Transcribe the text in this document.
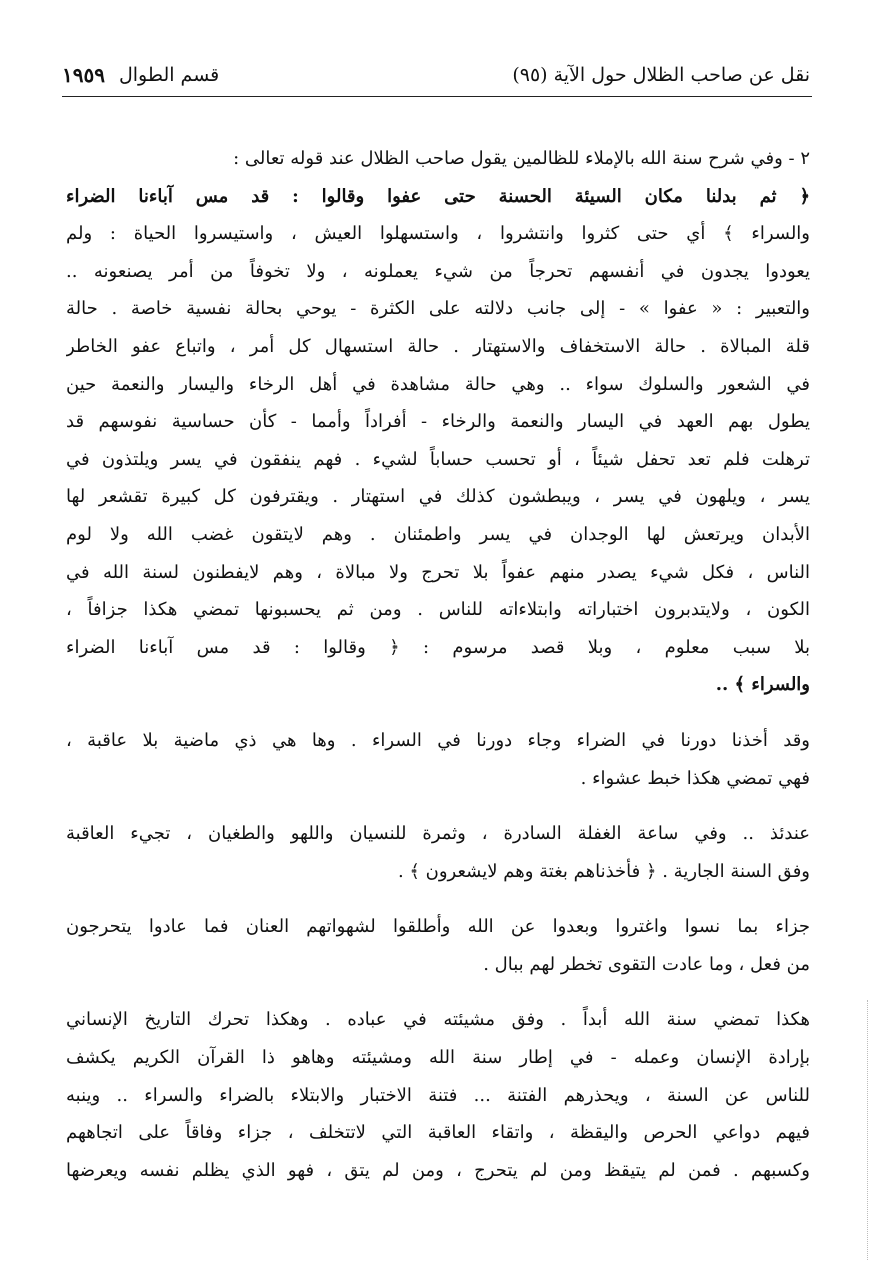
نقل عن صاحب الظلال حول الآية (٩٥)
قسم الطوال
١٩٥٩
٢ - وفي شرح سنة الله بالإملاء للظالمين يقول صاحب الظلال عند قوله تعالى :
﴿ ثم بدلنا مكان السيئة الحسنة حتى عفوا وقالوا : قد مس آباءنا الضراء
والسراء ﴾ أي حتى كثروا وانتشروا ، واستسهلوا العيش ، واستيسروا الحياة : ولم
يعودوا يجدون في أنفسهم تحرجاً من شيء يعملونه ، ولا تخوفاً من أمر يصنعونه ..
والتعبير : « عفوا » - إلى جانب دلالته على الكثرة - يوحي بحالة نفسية خاصة . حالة
قلة المبالاة . حالة الاستخفاف والاستهتار . حالة استسهال كل أمر ، واتباع عفو الخاطر
في الشعور والسلوك سواء .. وهي حالة مشاهدة في أهل الرخاء واليسار والنعمة حين
يطول بهم العهد في اليسار والنعمة والرخاء - أفراداً وأمما - كأن حساسية نفوسهم قد
ترهلت فلم تعد تحفل شيئاً ، أو تحسب حساباً لشيء . فهم ينفقون في يسر ويلتذون في
يسر ، ويلهون في يسر ، ويبطشون كذلك في استهتار . ويقترفون كل كبيرة تقشعر لها
الأبدان ويرتعش لها الوجدان في يسر واطمئنان . وهم لايتقون غضب الله ولا لوم
الناس ، فكل شيء يصدر منهم عفواً بلا تحرج ولا مبالاة ، وهم لايفطنون لسنة الله في
الكون ، ولايتدبرون اختباراته وابتلاءاته للناس . ومن ثم يحسبونها تمضي هكذا جزافاً ،
بلا سبب معلوم ، وبلا قصد مرسوم : ﴿ وقالوا : قد مس آباءنا الضراء
والسراء ﴾ ..
وقد أخذنا دورنا في الضراء وجاء دورنا في السراء . وها هي ذي ماضية بلا عاقبة ،
فهي تمضي هكذا خبط عشواء .
عندئذ .. وفي ساعة الغفلة السادرة ، وثمرة للنسيان واللهو والطغيان ، تجيء العاقبة
وفق السنة الجارية . ﴿ فأخذناهم بغتة وهم لايشعرون ﴾ .
جزاء بما نسوا واغتروا وبعدوا عن الله وأطلقوا لشهواتهم العنان فما عادوا يتحرجون
من فعل ، وما عادت التقوى تخطر لهم ببال .
هكذا تمضي سنة الله أبداً . وفق مشيئته في عباده . وهكذا تحرك التاريخ الإنساني
بإرادة الإنسان وعمله - في إطار سنة الله ومشيئته وهاهو ذا القرآن الكريم يكشف
للناس عن السنة ، ويحذرهم الفتنة ... فتنة الاختبار والابتلاء بالضراء والسراء .. وينبه
فيهم دواعي الحرص واليقظة ، واتقاء العاقبة التي لاتتخلف ، جزاء وفاقاً على اتجاههم
وكسبهم . فمن لم يتيقظ ومن لم يتحرج ، ومن لم يتق ، فهو الذي يظلم نفسه ويعرضها
